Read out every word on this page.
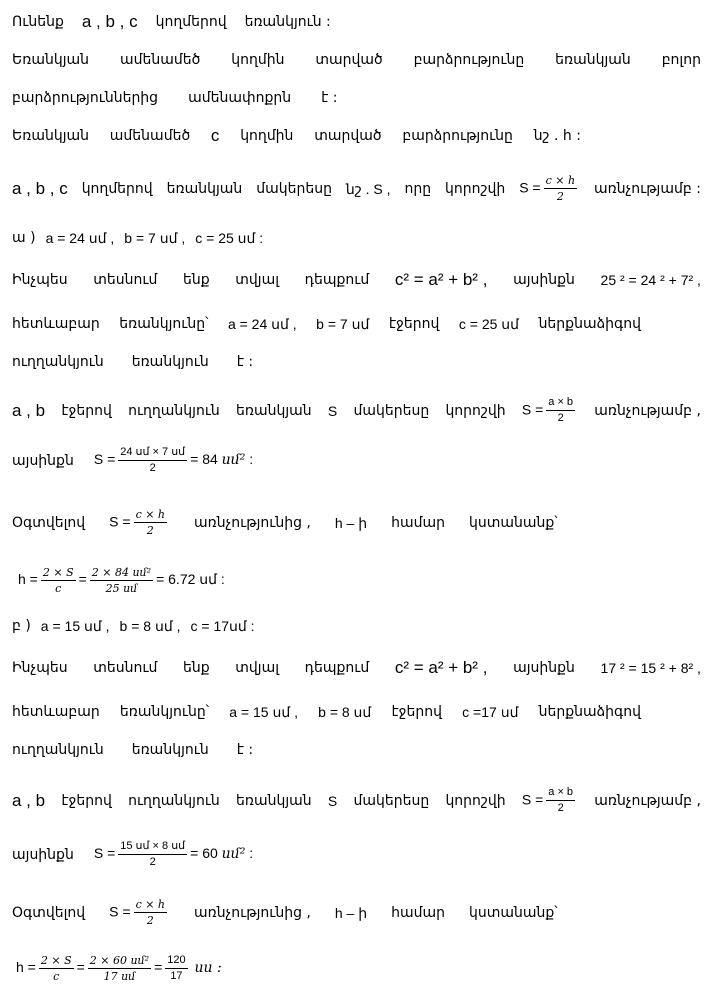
Ունենք a , b , c կողմերով եռանկյուն :
Եռանկյան ամենամեծ կողմին տարված բարձրությունը եռանկյան բոլոր
բարձրություններից ամենափոքրն է :
Եռանկյան ամենամեծ c կողմին տարված բարձրությունը նշ . h :
a , b , c կողմերով եռանկյան մակերեսը նշ . S , որը կորոշվի $S = \frac{c \times h}{2}$ առնչությամբ :
ա ) a = 24 սմ , b = 7 սմ , c = 25 սմ :
Ինչպես տեսնում ենք տվյալ դեպքում c² = a² + b² , այսինքն 25 ² = 24 ² + 7² ,
հետևաբար եռանկյունը՝ a = 24 սմ , b = 7 սմ էջերով c = 25 սմ ներքնաձիգով
ուղղանկյուն եռանկյուն է :
a , b էջերով ուղղանկյուն եռանկյան S մակերեսը կորոշվի $S = \frac{a \times b}{2}$ առնչությամբ ,
այսինքն $S = \frac{\text{24 սմ × 7 սմ}}{2} = 84$ սմ² :
Օգտվելով $S = \frac{c \times h}{2}$ առնչությունից , h – ի համար կստանանք՝
$h = \frac{2 \times S}{c} = \frac{\text{2 × 84 սմ²}}{\text{25 սմ}} = 6.72$ սմ :
բ ) a = 15 սմ , b = 8 սմ , c = 17սմ :
Ինչպես տեսնում ենք տվյալ դեպքում c² = a² + b² , այսինքն 17 ² = 15 ² + 8² ,
հետևաբար եռանկյունը՝ a = 15 սմ , b = 8 սմ էջերով c =17 սմ ներքնաձիգով
ուղղանկյուն եռանկյուն է :
a , b էջերով ուղղանկյուն եռանկյան S մակերեսը կորոշվի $S = \frac{a \times b}{2}$ առնչությամբ ,
այսինքն $S = \frac{\text{15 սմ × 8 սմ}}{2} = 60$ սմ² :
Օգտվելով $S = \frac{c \times h}{2}$ առնչությունից , h – ի համար կստանանք՝
$h = \frac{2 \times S}{c} = \frac{\text{2 × 60 սմ²}}{\text{17 սմ}} = \frac{120}{17}$ սս :
